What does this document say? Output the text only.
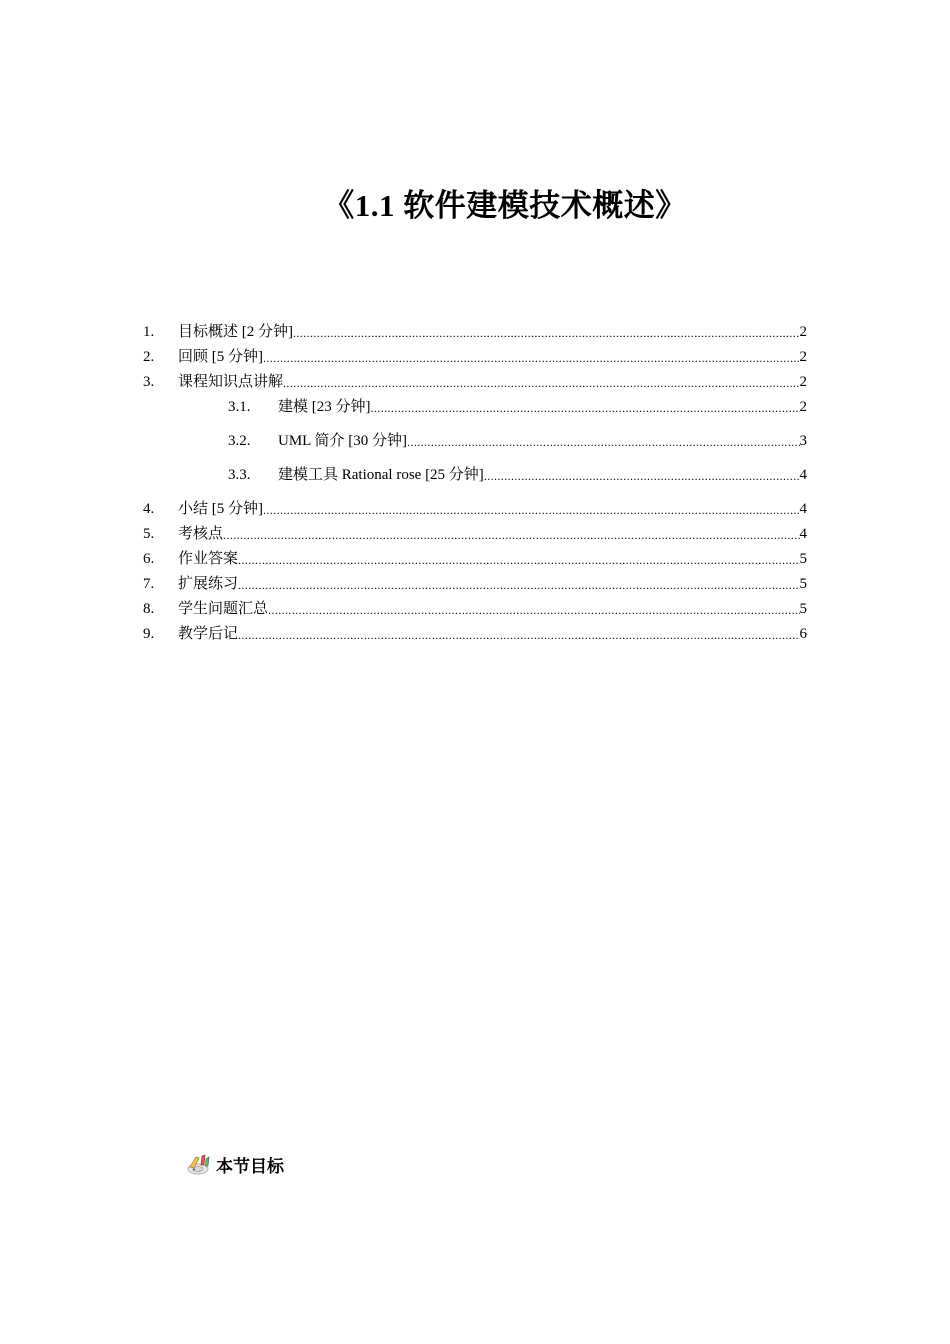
《1.1 软件建模技术概述》
1.	目标概述 [2 分钟] .....	2
2.	回顾 [5 分钟] .....	2
3.	课程知识点讲解 .....	2
3.1.	建模 [23 分钟] .....	2
3.2.	UML 简介 [30 分钟] .....	3
3.3.	建模工具 Rational rose [25 分钟] .....	4
4.	小结 [5 分钟] .....	4
5.	考核点 .....	4
6.	作业答案 .....	5
7.	扩展练习 .....	5
8.	学生问题汇总 .....	5
9.	教学后记 .....	6
本节目标
